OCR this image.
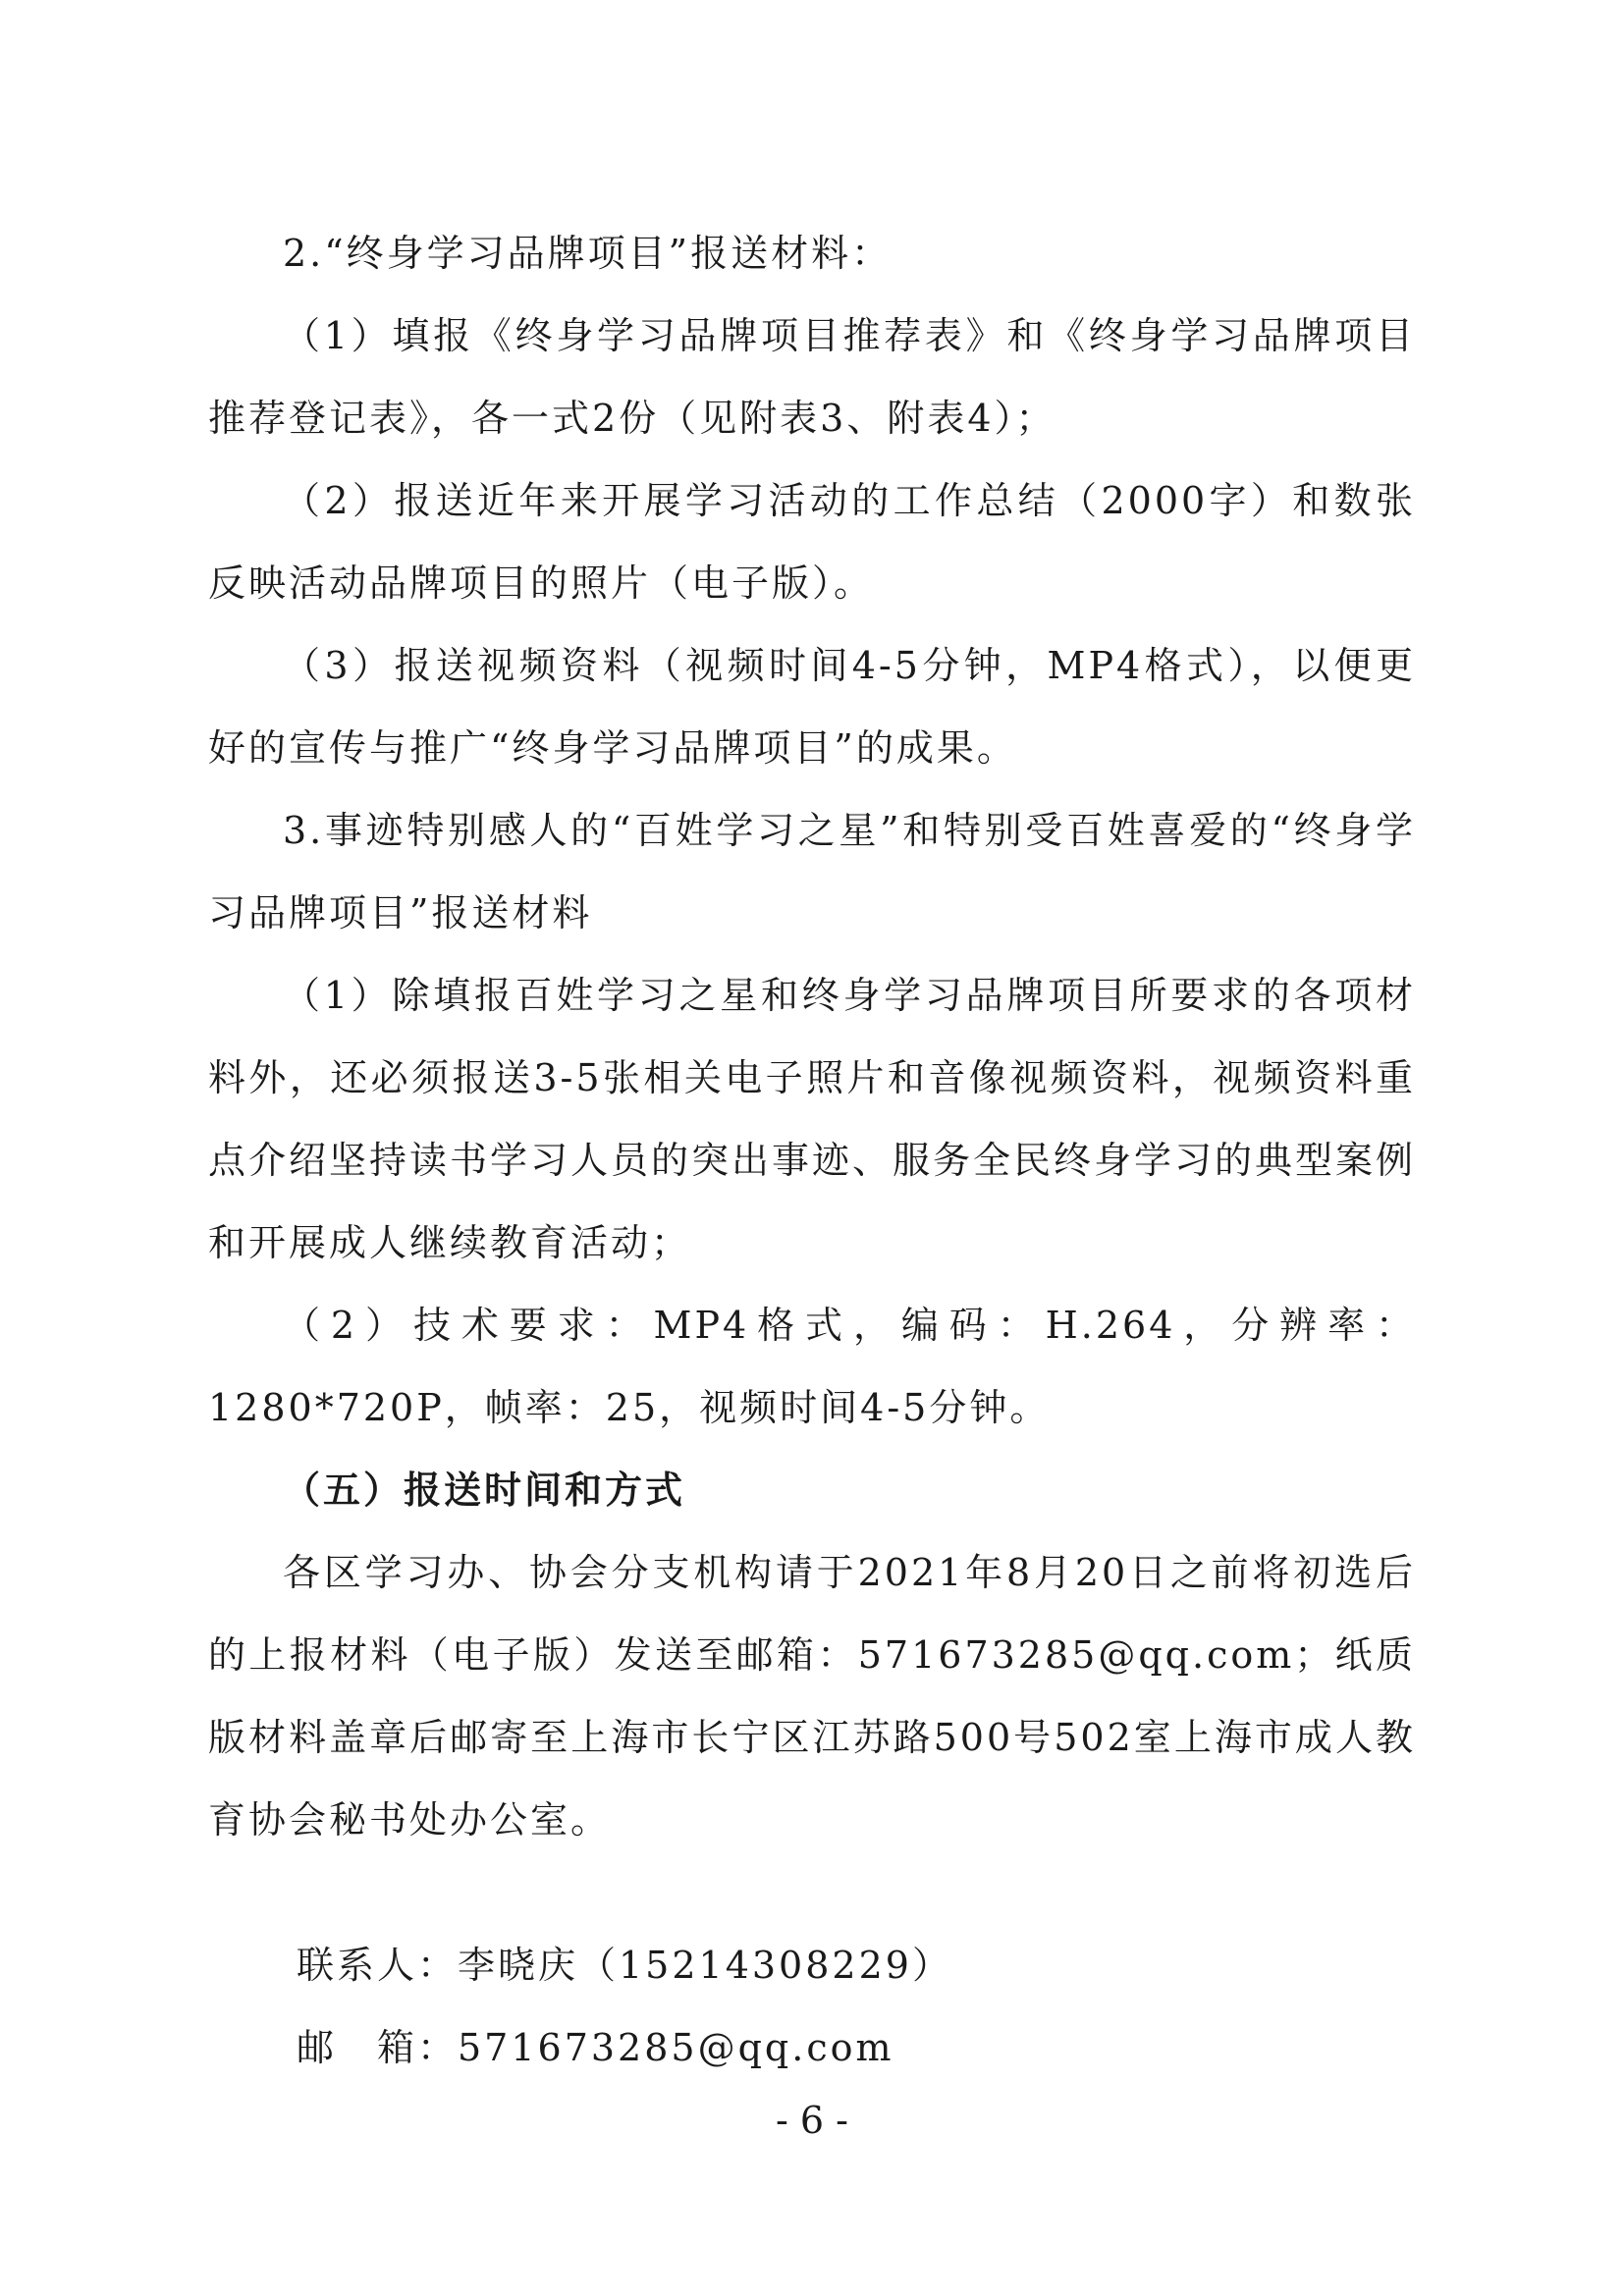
2.“终身学习品牌项目”报送材料：

（1）填报《终身学习品牌项目推荐表》和《终身学习品牌项目推荐登记表》，各一式2份（见附表3、附表4）；

（2）报送近年来开展学习活动的工作总结（2000字）和数张反映活动品牌项目的照片（电子版）。

（3）报送视频资料（视频时间4-5分钟，MP4格式），以便更好的宣传与推广“终身学习品牌项目”的成果。

3.事迹特别感人的“百姓学习之星”和特别受百姓喜爱的“终身学习品牌项目”报送材料

（1）除填报百姓学习之星和终身学习品牌项目所要求的各项材料外，还必须报送3-5张相关电子照片和音像视频资料，视频资料重点介绍坚持读书学习人员的突出事迹、服务全民终身学习的典型案例和开展成人继续教育活动；

（2）技术要求：MP4格式，编码：H.264，分辨率：1280*720P，帧率：25，视频时间4-5分钟。

（五）报送时间和方式

各区学习办、协会分支机构请于2021年8月20日之前将初选后的上报材料（电子版）发送至邮箱：571673285@qq.com；纸质版材料盖章后邮寄至上海市长宁区江苏路500号502室上海市成人教育协会秘书处办公室。

联系人：李晓庆（15214308229）
邮　箱：571673285@qq.com
- 6 -
